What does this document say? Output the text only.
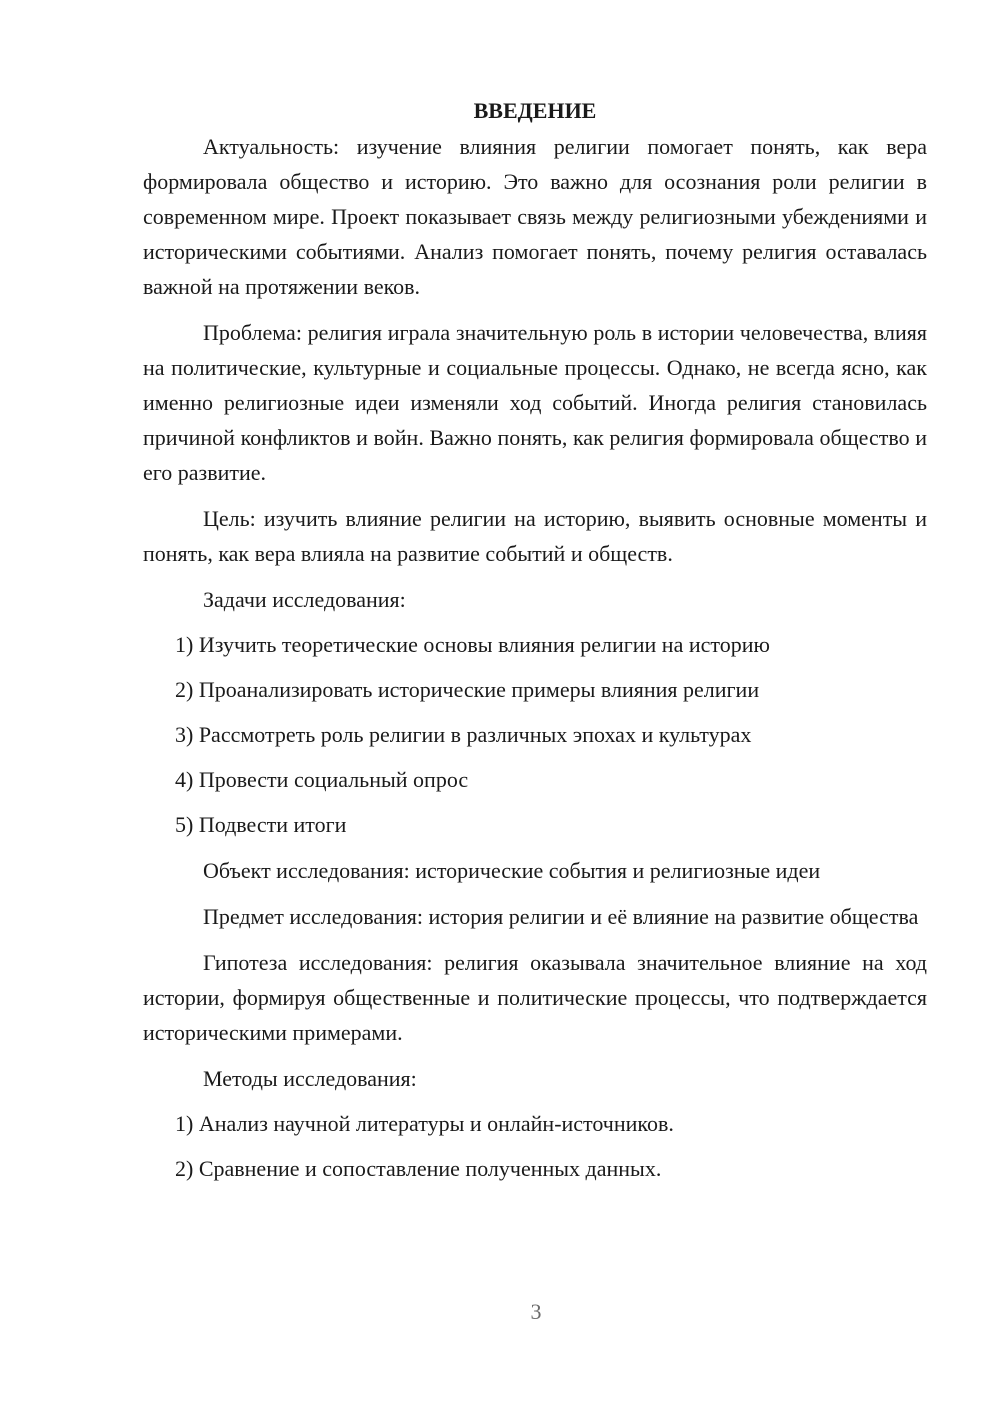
ВВЕДЕНИЕ

Актуальность: изучение влияния религии помогает понять, как вера формировала общество и историю. Это важно для осознания роли религии в современном мире. Проект показывает связь между религиозными убеждениями и историческими событиями. Анализ помогает понять, почему религия оставалась важной на протяжении веков.

Проблема: религия играла значительную роль в истории человечества, влияя на политические, культурные и социальные процессы. Однако, не всегда ясно, как именно религиозные идеи изменяли ход событий. Иногда религия становилась причиной конфликтов и войн. Важно понять, как религия формировала общество и его развитие.

Цель: изучить влияние религии на историю, выявить основные моменты и понять, как вера влияла на развитие событий и обществ.

Задачи исследования:

1) Изучить теоретические основы влияния религии на историю
2) Проанализировать исторические примеры влияния религии
3) Рассмотреть роль религии в различных эпохах и культурах
4) Провести социальный опрос
5) Подвести итоги

Объект исследования: исторические события и религиозные идеи

Предмет исследования: история религии и её влияние на развитие общества

Гипотеза исследования: религия оказывала значительное влияние на ход истории, формируя общественные и политические процессы, что подтверждается историческими примерами.

Методы исследования:

1) Анализ научной литературы и онлайн-источников.
2) Сравнение и сопоставление полученных данных.
3
